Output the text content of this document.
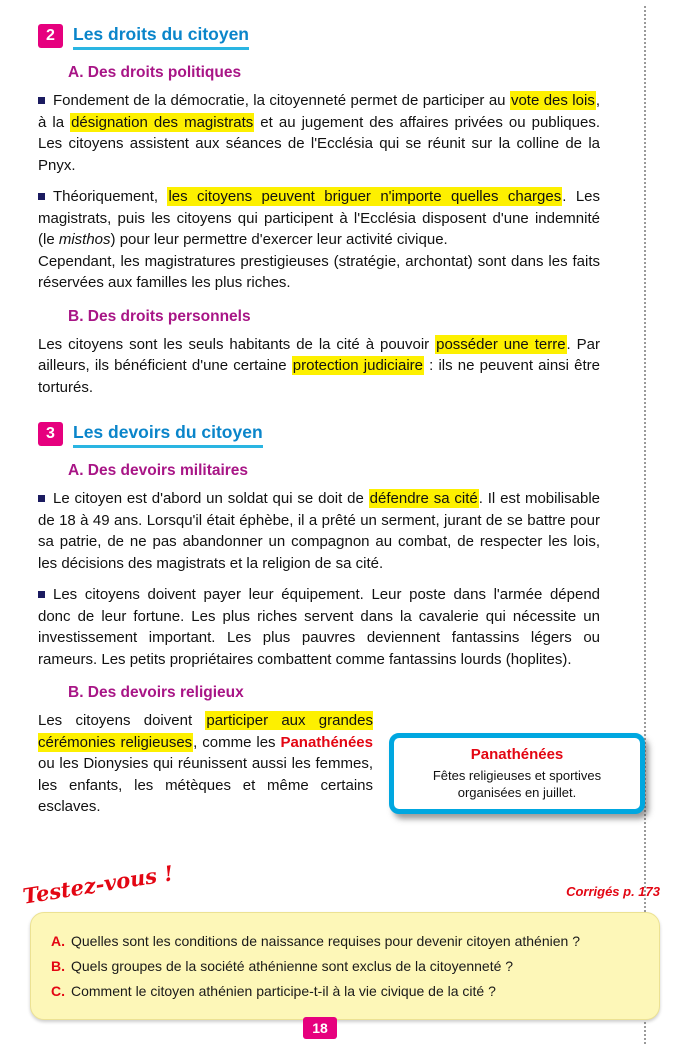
2	Les droits du citoyen
A. Des droits politiques

Fondement de la démocratie, la citoyenneté permet de participer au vote des lois, à la désignation des magistrats et au jugement des affaires privées ou publiques. Les citoyens assistent aux séances de l'Ecclésia qui se réunit sur la colline de la Pnyx.

Théoriquement, les citoyens peuvent briguer n'importe quelles charges. Les magistrats, puis les citoyens qui participent à l'Ecclésia disposent d'une indemnité (le misthos) pour leur permettre d'exercer leur activité civique.

Cependant, les magistratures prestigieuses (stratégie, archontat) sont dans les faits réservées aux familles les plus riches.

B. Des droits personnels

Les citoyens sont les seuls habitants de la cité à pouvoir posséder une terre. Par ailleurs, ils bénéficient d'une certaine protection judiciaire : ils ne peuvent ainsi être torturés.

3	Les devoirs du citoyen
A. Des devoirs militaires

Le citoyen est d'abord un soldat qui se doit de défendre sa cité. Il est mobilisable de 18 à 49 ans. Lorsqu'il était éphèbe, il a prêté un serment, jurant de se battre pour sa patrie, de ne pas abandonner un compagnon au combat, de respecter les lois, les décisions des magistrats et la religion de sa cité.

Les citoyens doivent payer leur équipement. Leur poste dans l'armée dépend donc de leur fortune. Les plus riches servent dans la cavalerie qui nécessite un investissement important. Les plus pauvres deviennent fantassins légers ou rameurs. Les petits propriétaires combattent comme fantassins lourds (hoplites).

B. Des devoirs religieux
Panathénées
Fêtes religieuses et sportives organisées en juillet.

Les citoyens doivent participer aux grandes cérémonies religieuses, comme les Panathénées ou les Dionysies qui réunissent aussi les femmes, les enfants, les métèques et même certains esclaves.

Testez-vous !	Corrigés p. 173
A. Quelles sont les conditions de naissance requises pour devenir citoyen athénien ?
B. Quels groupes de la société athénienne sont exclus de la citoyenneté ?
C. Comment le citoyen athénien participe-t-il à la vie civique de la cité ?
18
